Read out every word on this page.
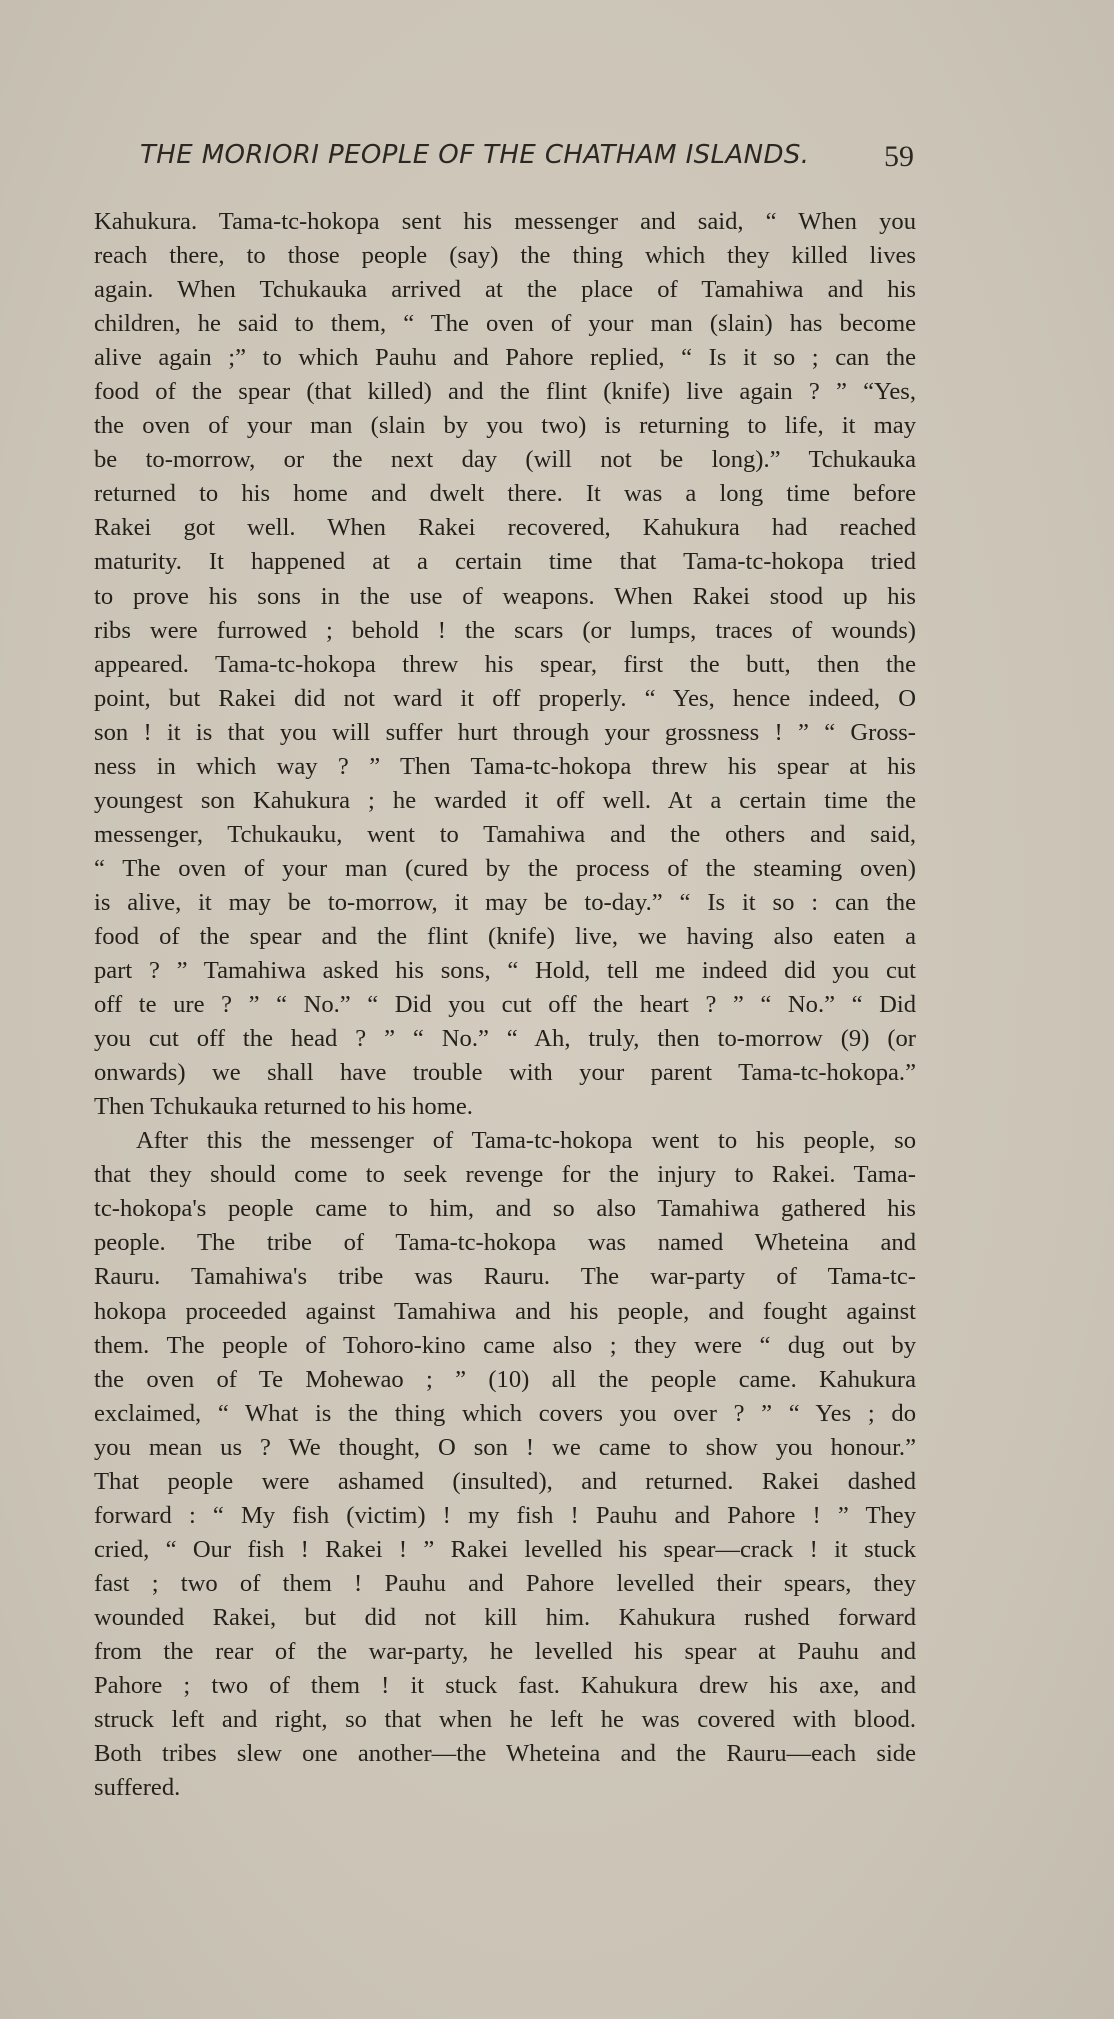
THE MORIORI PEOPLE OF THE CHATHAM ISLANDS. 59
Kahukura. Tama-tc-hokopa sent his messenger and said, “ When you
reach there, to those people (say) the thing which they killed lives
again. When Tchukauka arrived at the place of Tamahiwa and his
children, he said to them, “ The oven of your man (slain) has become
alive again ;” to which Pauhu and Pahore replied, “ Is it so ; can the
food of the spear (that killed) and the flint (knife) live again ? ” “Yes,
the oven of your man (slain by you two) is returning to life, it may
be to-morrow, or the next day (will not be long).” Tchukauka
returned to his home and dwelt there. It was a long time before
Rakei got well. When Rakei recovered, Kahukura had reached
maturity. It happened at a certain time that Tama-tc-hokopa tried
to prove his sons in the use of weapons. When Rakei stood up his
ribs were furrowed ; behold ! the scars (or lumps, traces of wounds)
appeared. Tama-tc-hokopa threw his spear, first the butt, then the
point, but Rakei did not ward it off properly. “ Yes, hence indeed, O
son ! it is that you will suffer hurt through your grossness ! ” “ Gross-
ness in which way ? ” Then Tama-tc-hokopa threw his spear at his
youngest son Kahukura ; he warded it off well. At a certain time the
messenger, Tchukauku, went to Tamahiwa and the others and said,
“ The oven of your man (cured by the process of the steaming oven)
is alive, it may be to-morrow, it may be to-day.” “ Is it so : can the
food of the spear and the flint (knife) live, we having also eaten a
part ? ” Tamahiwa asked his sons, “ Hold, tell me indeed did you cut
off te ure ? ” “ No.” “ Did you cut off the heart ? ” “ No.” “ Did
you cut off the head ? ” “ No.” “ Ah, truly, then to-morrow (9) (or
onwards) we shall have trouble with your parent Tama-tc-hokopa.”
Then Tchukauka returned to his home.
After this the messenger of Tama-tc-hokopa went to his people, so
that they should come to seek revenge for the injury to Rakei. Tama-
tc-hokopa's people came to him, and so also Tamahiwa gathered his
people. The tribe of Tama-tc-hokopa was named Wheteina and
Rauru. Tamahiwa's tribe was Rauru. The war-party of Tama-tc-
hokopa proceeded against Tamahiwa and his people, and fought against
them. The people of Tohoro-kino came also ; they were “ dug out by
the oven of Te Mohewao ; ” (10) all the people came. Kahukura
exclaimed, “ What is the thing which covers you over ? ” “ Yes ; do
you mean us ? We thought, O son ! we came to show you honour.”
That people were ashamed (insulted), and returned. Rakei dashed
forward : “ My fish (victim) ! my fish ! Pauhu and Pahore ! ” They
cried, “ Our fish ! Rakei ! ” Rakei levelled his spear—crack ! it stuck
fast ; two of them ! Pauhu and Pahore levelled their spears, they
wounded Rakei, but did not kill him. Kahukura rushed forward
from the rear of the war-party, he levelled his spear at Pauhu and
Pahore ; two of them ! it stuck fast. Kahukura drew his axe, and
struck left and right, so that when he left he was covered with blood.
Both tribes slew one another—the Wheteina and the Rauru—each side
suffered.
